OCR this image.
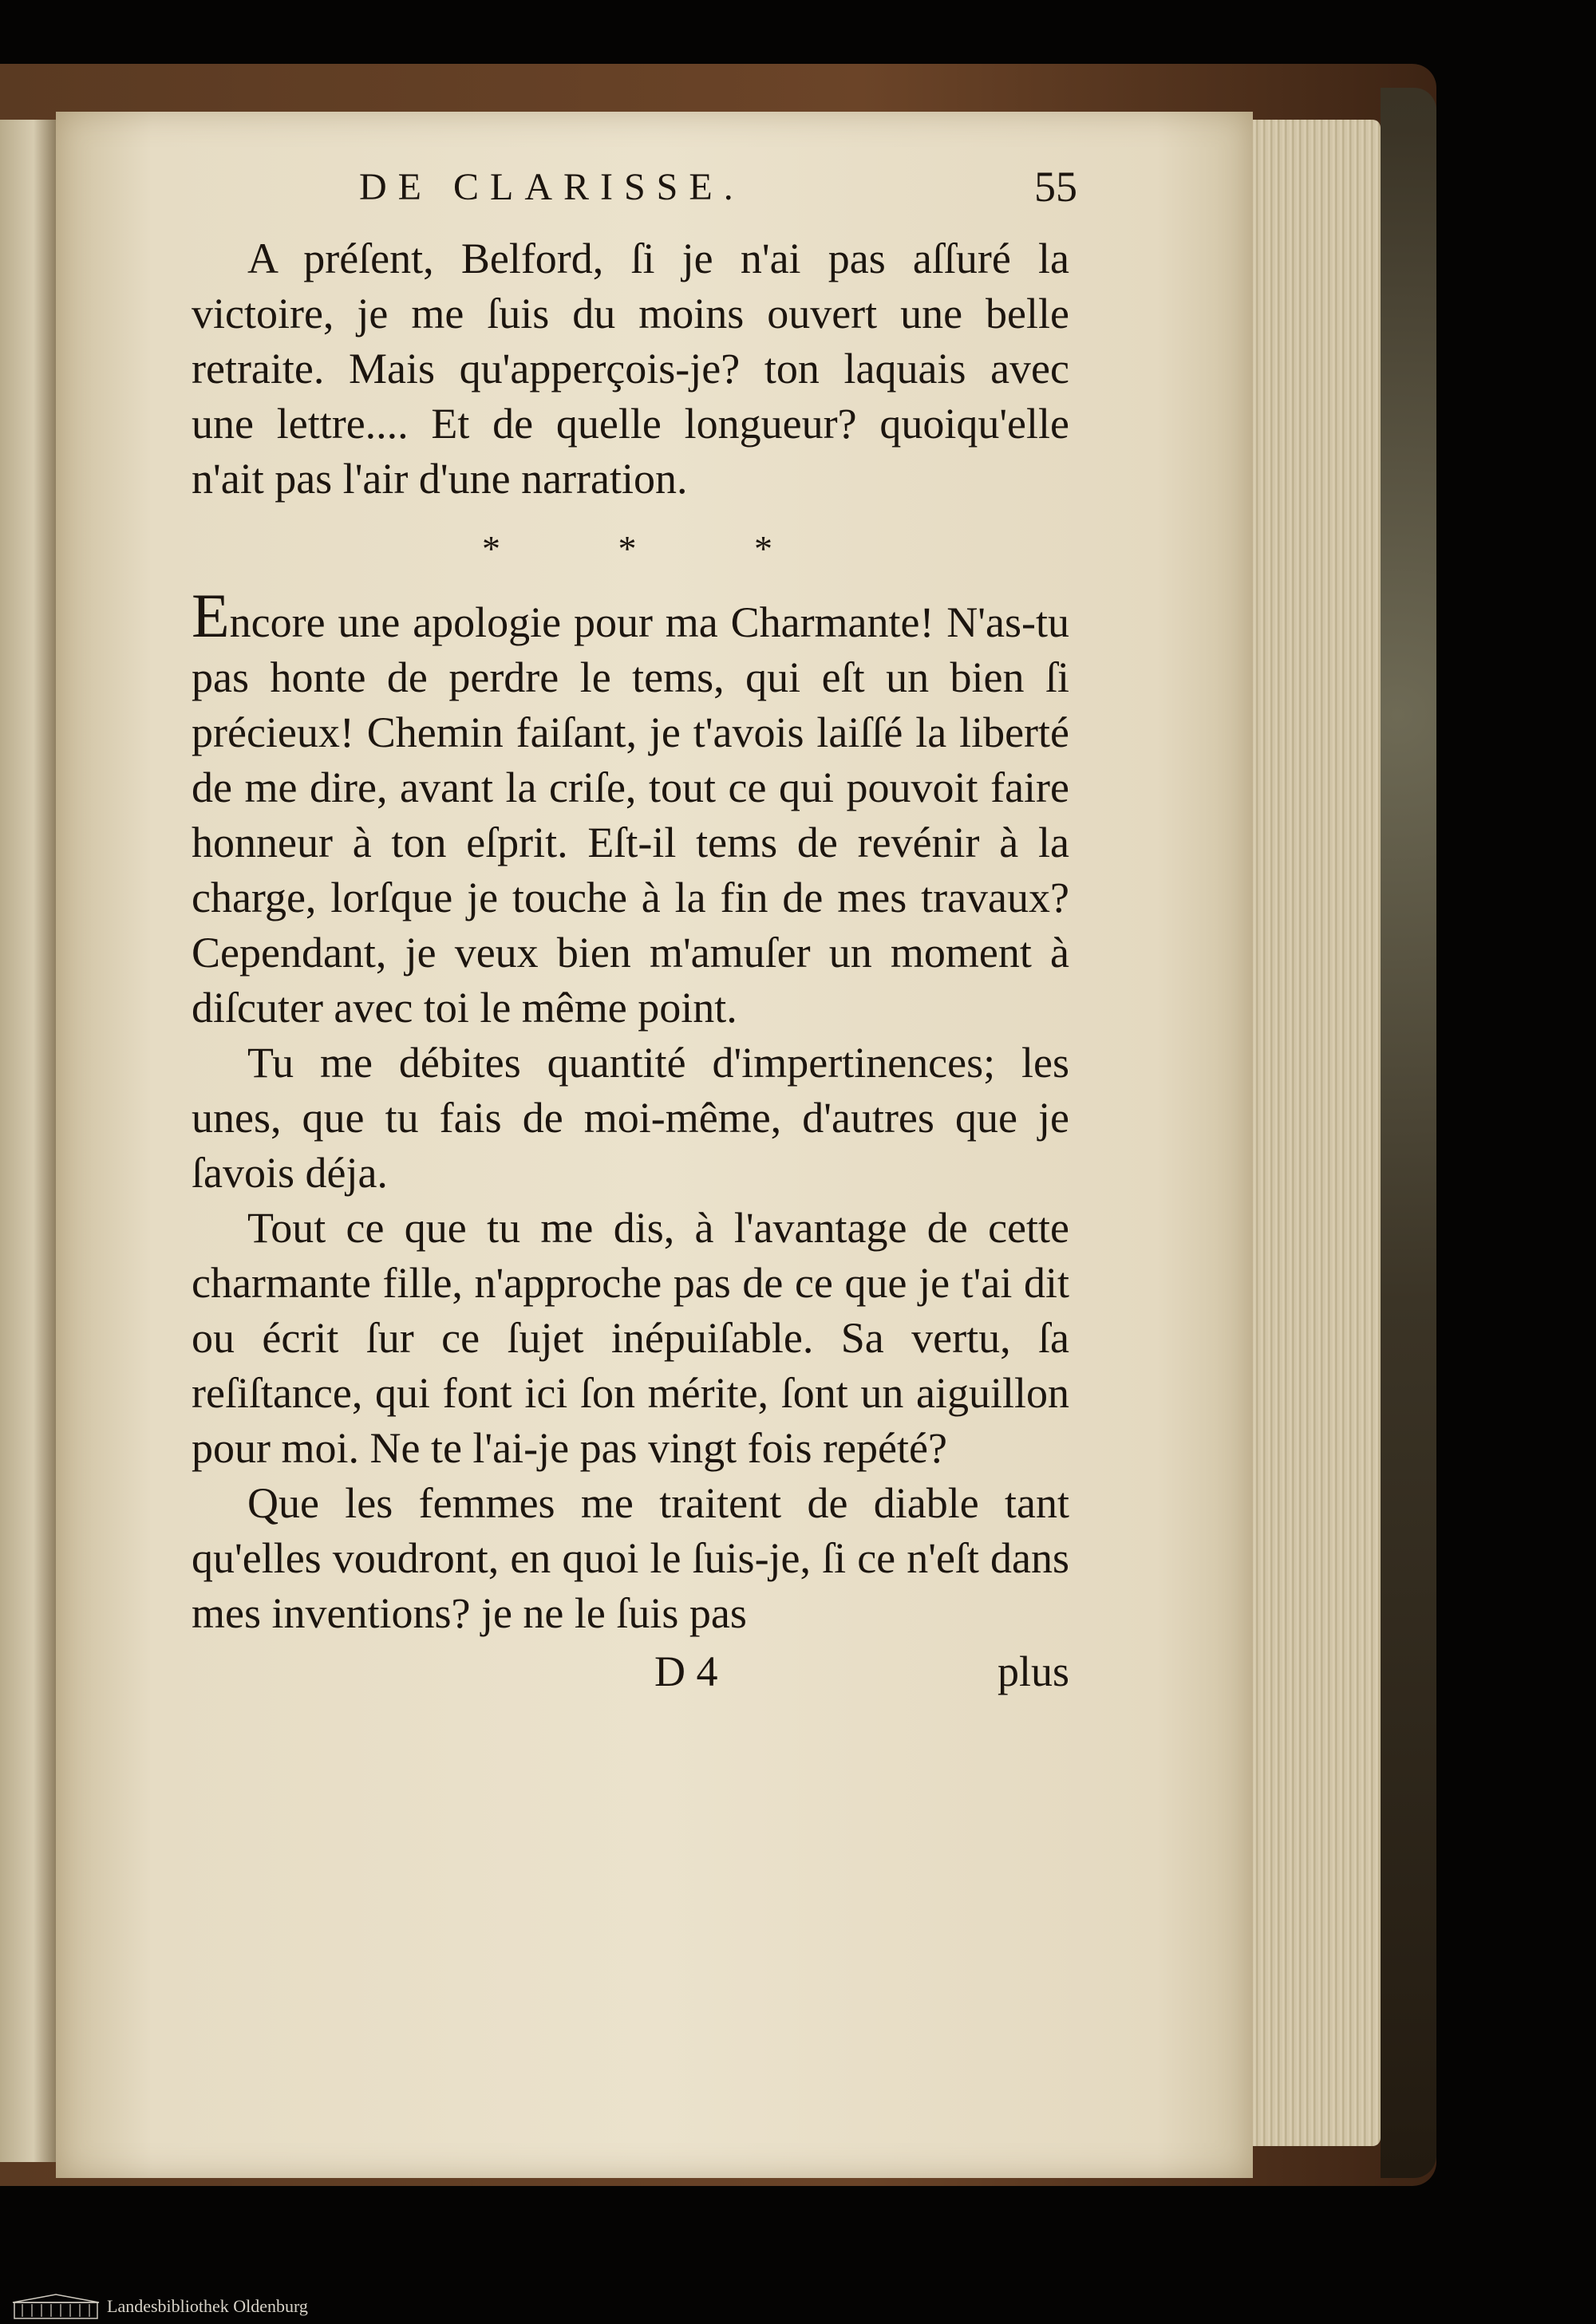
DE CLARISSE.	55

A préſent, Belford, ſi je n'ai pas aſſuré la victoire, je me ſuis du moins ouvert une belle retraite. Mais qu'apperçois-je? ton laquais avec une lettre.... Et de quelle longueur? quoiqu'elle n'ait pas l'air d'une narration.

* * *

Encore une apologie pour ma Charmante! N'as-tu pas honte de perdre le tems, qui eſt un bien ſi précieux! Chemin faiſant, je t'avois laiſſé la liberté de me dire, avant la criſe, tout ce qui pouvoit faire honneur à ton eſprit. Eſt-il tems de revénir à la charge, lorſque je touche à la fin de mes travaux? Cependant, je veux bien m'amuſer un moment à diſcuter avec toi le même point.

Tu me débites quantité d'impertinences; les unes, que tu fais de moi-même, d'autres que je ſavois déja.

Tout ce que tu me dis, à l'avantage de cette charmante fille, n'approche pas de ce que je t'ai dit ou écrit ſur ce ſujet inépuiſable. Sa vertu, ſa reſiſtance, qui font ici ſon mérite, ſont un aiguillon pour moi. Ne te l'ai-je pas vingt fois repété?

Que les femmes me traitent de diable tant qu'elles voudront, en quoi le ſuis-je, ſi ce n'eſt dans mes inventions? je ne le ſuis pas

D 4	plus
Landesbibliothek Oldenburg
